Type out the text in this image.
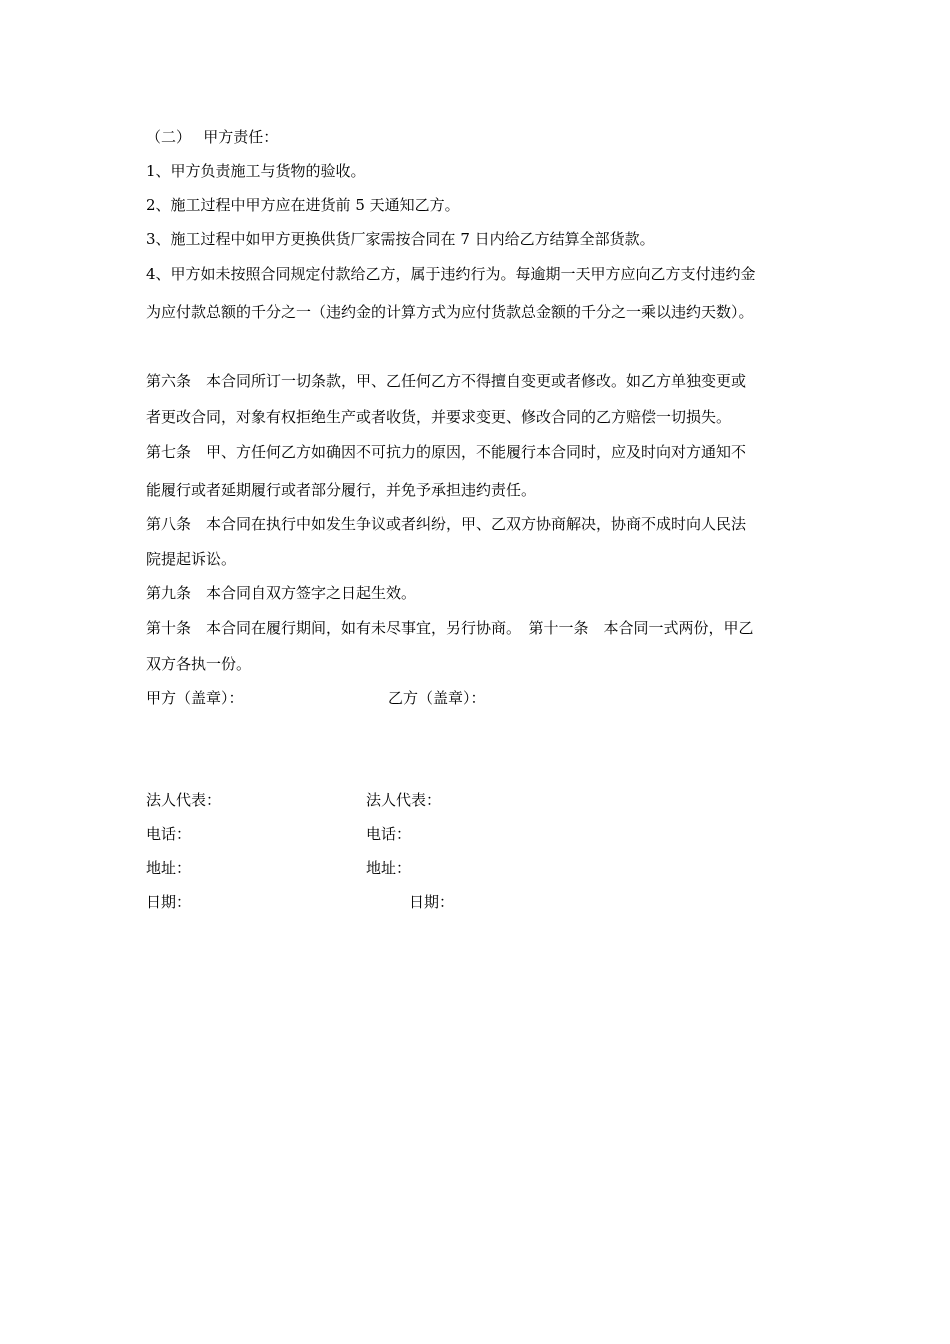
（二）　 甲方责任：
1、甲方负责施工与货物的验收。
2、施工过程中甲方应在进货前 5 天通知乙方。
3、施工过程中如甲方更换供货厂家需按合同在 7 日内给乙方结算全部货款。
4、甲方如未按照合同规定付款给乙方，属于违约行为。每逾期一天甲方应向乙方支付违约金
为应付款总额的千分之一（违约金的计算方式为应付货款总金额的千分之一乘以违约天数）。
第六条　本合同所订一切条款，甲、乙任何乙方不得擅自变更或者修改。如乙方单独变更或
者更改合同，对象有权拒绝生产或者收货，并要求变更、修改合同的乙方赔偿一切损失。
第七条　甲、方任何乙方如确因不可抗力的原因，不能履行本合同时，应及时向对方通知不
能履行或者延期履行或者部分履行，并免予承担违约责任。
第八条　本合同在执行中如发生争议或者纠纷，甲、乙双方协商解决，协商不成时向人民法
院提起诉讼。
第九条　本合同自双方签字之日起生效。
第十条　本合同在履行期间，如有未尽事宜，另行协商。　第十一条　本合同一式两份，甲乙
双方各执一份。
甲方（盖章）：	乙方（盖章）：
法人代表：	法人代表：
电话：	电话：
地址：	地址：
日期：	日期：
